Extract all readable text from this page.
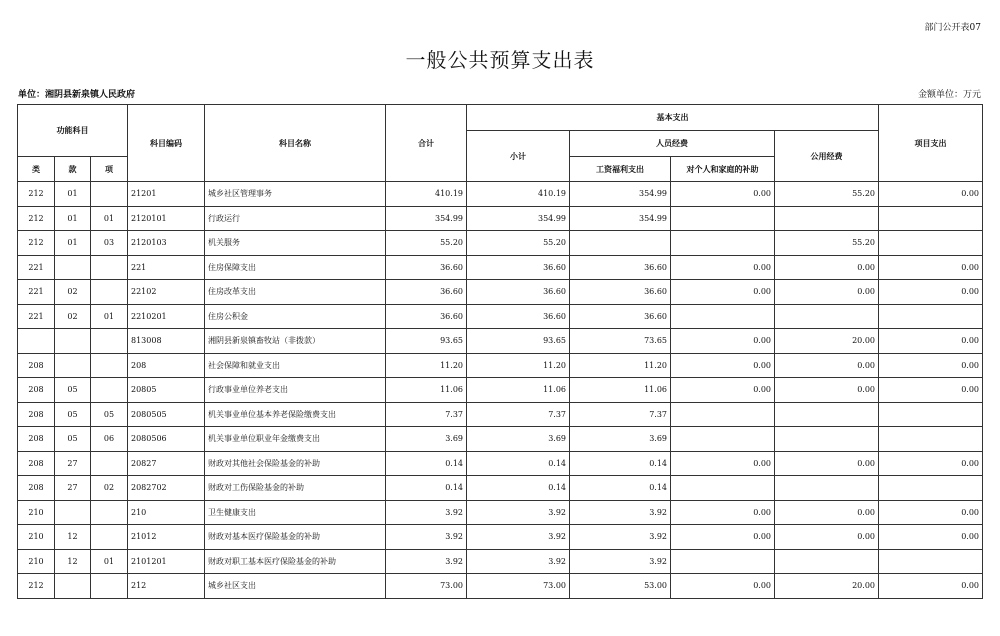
部门公开表07
一般公共预算支出表
单位：湘阴县新泉镇人民政府	金额单位：万元
功能科目			科目编码	科目名称	合计	基本支出				项目支出
						小计	人员经费		公用经费	
类	款	项					工资福利支出	对个人和家庭的补助		
212	01		21201	城乡社区管理事务	410.19	410.19	354.99	0.00	55.20	0.00
212	01	01	2120101	行政运行	354.99	354.99	354.99			
212	01	03	2120103	机关服务	55.20	55.20			55.20	
221			221	住房保障支出	36.60	36.60	36.60	0.00	0.00	0.00
221	02		22102	住房改革支出	36.60	36.60	36.60	0.00	0.00	0.00
221	02	01	2210201	住房公积金	36.60	36.60	36.60			
			813008	湘阴县新泉镇畜牧站（非拨款）	93.65	93.65	73.65	0.00	20.00	0.00
208			208	社会保障和就业支出	11.20	11.20	11.20	0.00	0.00	0.00
208	05		20805	行政事业单位养老支出	11.06	11.06	11.06	0.00	0.00	0.00
208	05	05	2080505	机关事业单位基本养老保险缴费支出	7.37	7.37	7.37			
208	05	06	2080506	机关事业单位职业年金缴费支出	3.69	3.69	3.69			
208	27		20827	财政对其他社会保险基金的补助	0.14	0.14	0.14	0.00	0.00	0.00
208	27	02	2082702	财政对工伤保险基金的补助	0.14	0.14	0.14			
210			210	卫生健康支出	3.92	3.92	3.92	0.00	0.00	0.00
210	12		21012	财政对基本医疗保险基金的补助	3.92	3.92	3.92	0.00	0.00	0.00
210	12	01	2101201	财政对职工基本医疗保险基金的补助	3.92	3.92	3.92			
212			212	城乡社区支出	73.00	73.00	53.00	0.00	20.00	0.00
